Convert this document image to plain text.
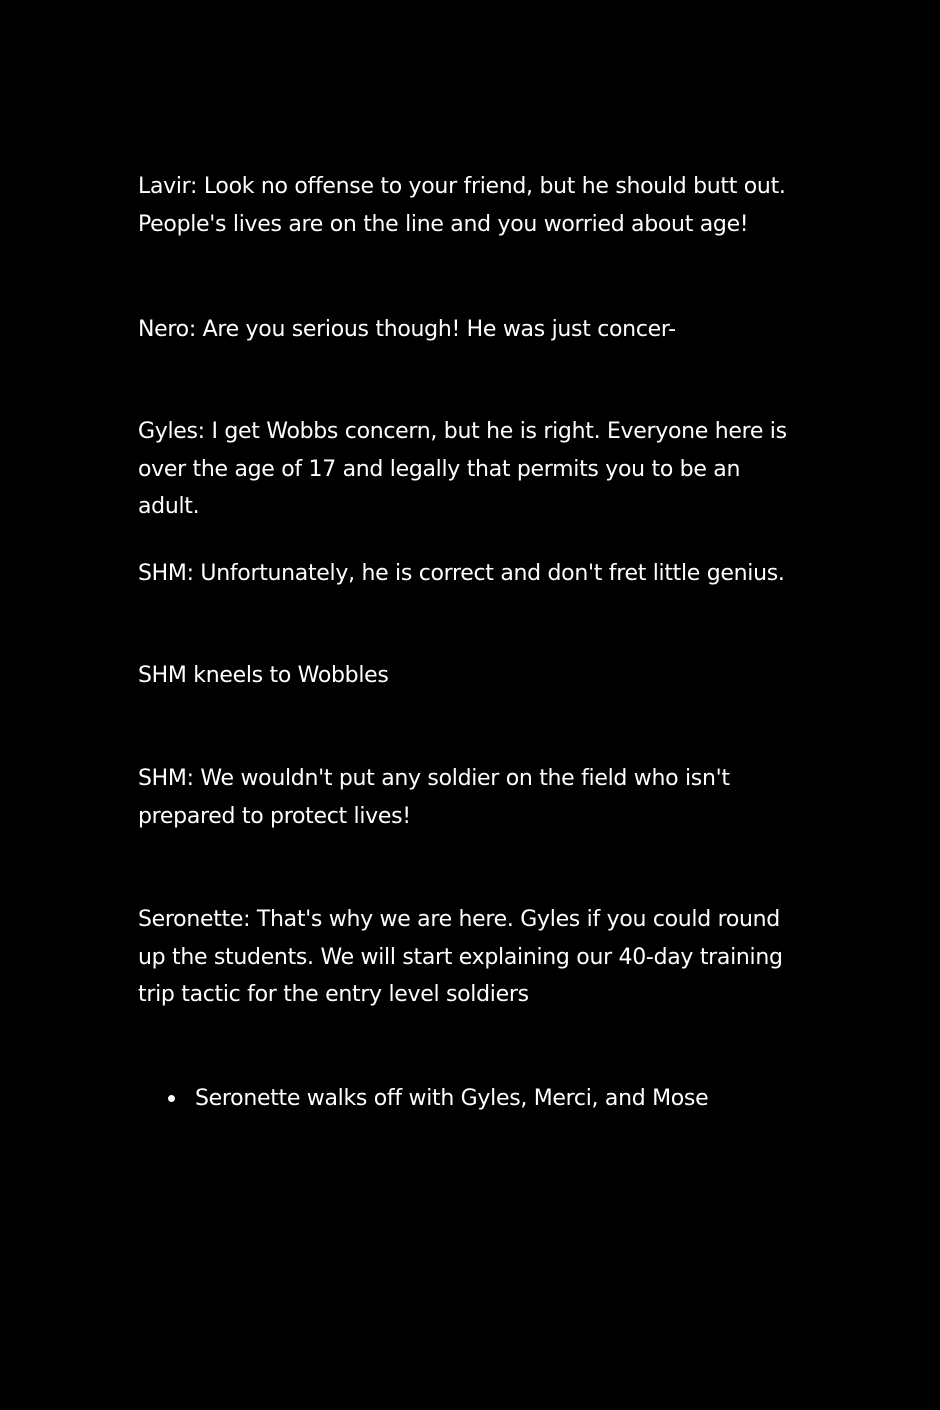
Lavir: Look no offense to your friend, but he should butt out. People's lives are on the line and you worried about age!

Nero: Are you serious though! He was just concer-

Gyles: I get Wobbs concern, but he is right. Everyone here is over the age of 17 and legally that permits you to be an adult.

SHM: Unfortunately, he is correct and don't fret little genius.

SHM kneels to Wobbles

SHM: We wouldn't put any soldier on the field who isn't prepared to protect lives!

Seronette: That's why we are here. Gyles if you could round up the students. We will start explaining our 40-day training trip tactic for the entry level soldiers

Seronette walks off with Gyles, Merci, and Mose
